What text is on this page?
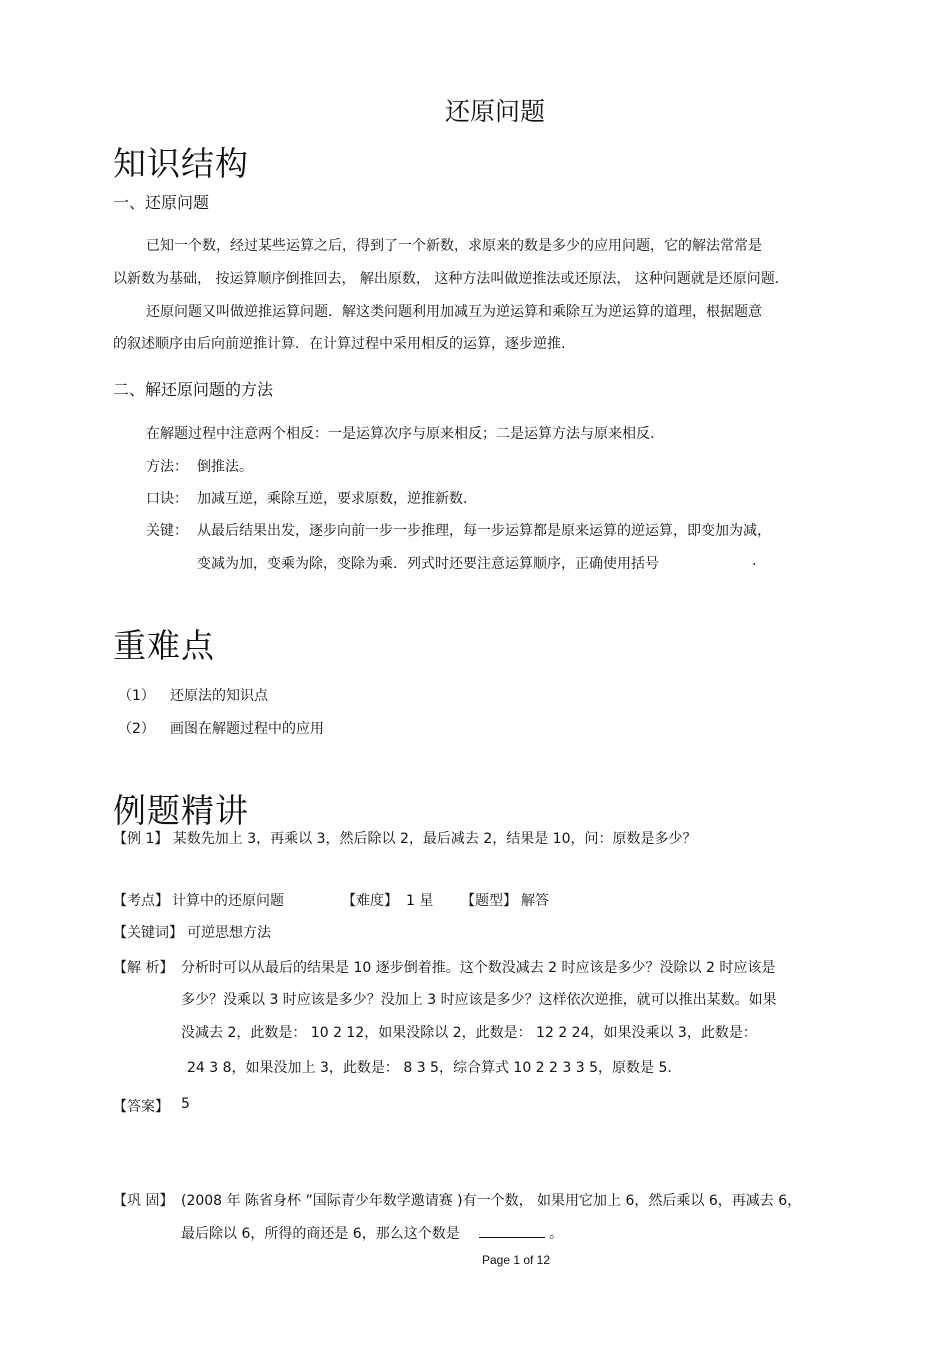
还原问题
知识结构
一、还原问题
已知一个数，经过某些运算之后，得到了一个新数，求原来的数是多少的应用问题，它的解法常常是
以新数为基础， 按运算顺序倒推回去， 解出原数， 这种方法叫做逆推法或还原法， 这种问题就是还原问题.
还原问题又叫做逆推运算问题．解这类问题利用加减互为逆运算和乘除互为逆运算的道理，根据题意
的叙述顺序由后向前逆推计算．在计算过程中采用相反的运算，逐步逆推.
二、解还原问题的方法
在解题过程中注意两个相反：一是运算次序与原来相反；二是运算方法与原来相反.
方法： 倒推法。
口诀： 加减互逆，乘除互逆，要求原数，逆推新数.
关键： 从最后结果出发，逐步向前一步一步推理，每一步运算都是原来运算的逆运算，即变加为减，
变减为加，变乘为除，变除为乘．列式时还要注意运算顺序，正确使用括号	.
重难点
（1） 还原法的知识点
（2） 画图在解题过程中的应用
例题精讲
【例 1】 某数先加上 3，再乘以 3，然后除以 2，最后减去 2，结果是 10，问：原数是多少？
【考点】 计算中的还原问题	【难度】 1 星 【题型】 解答
【关键词】 可逆思想方法
【解 析】 分析时可以从最后的结果是 10 逐步倒着推。这个数没减去 2 时应该是多少？没除以 2 时应该是
多少？没乘以 3 时应该是多少？没加上 3 时应该是多少？这样依次逆推，就可以推出某数。如果
没减去 2，此数是： 10 2 12，如果没除以 2，此数是： 12 2 24，如果没乘以 3，此数是：
24 3 8，如果没加上 3，此数是： 8 3 5，综合算式 10 2 2 3 3 5，原数是 5.
【答案】 5
【巩 固】 (2008 年 陈省身杯 ”国际青少年数学邀请赛 )有一个数， 如果用它加上 6，然后乘以 6，再减去 6，
最后除以 6，所得的商还是 6，那么这个数是	。
Page 1 of 12
